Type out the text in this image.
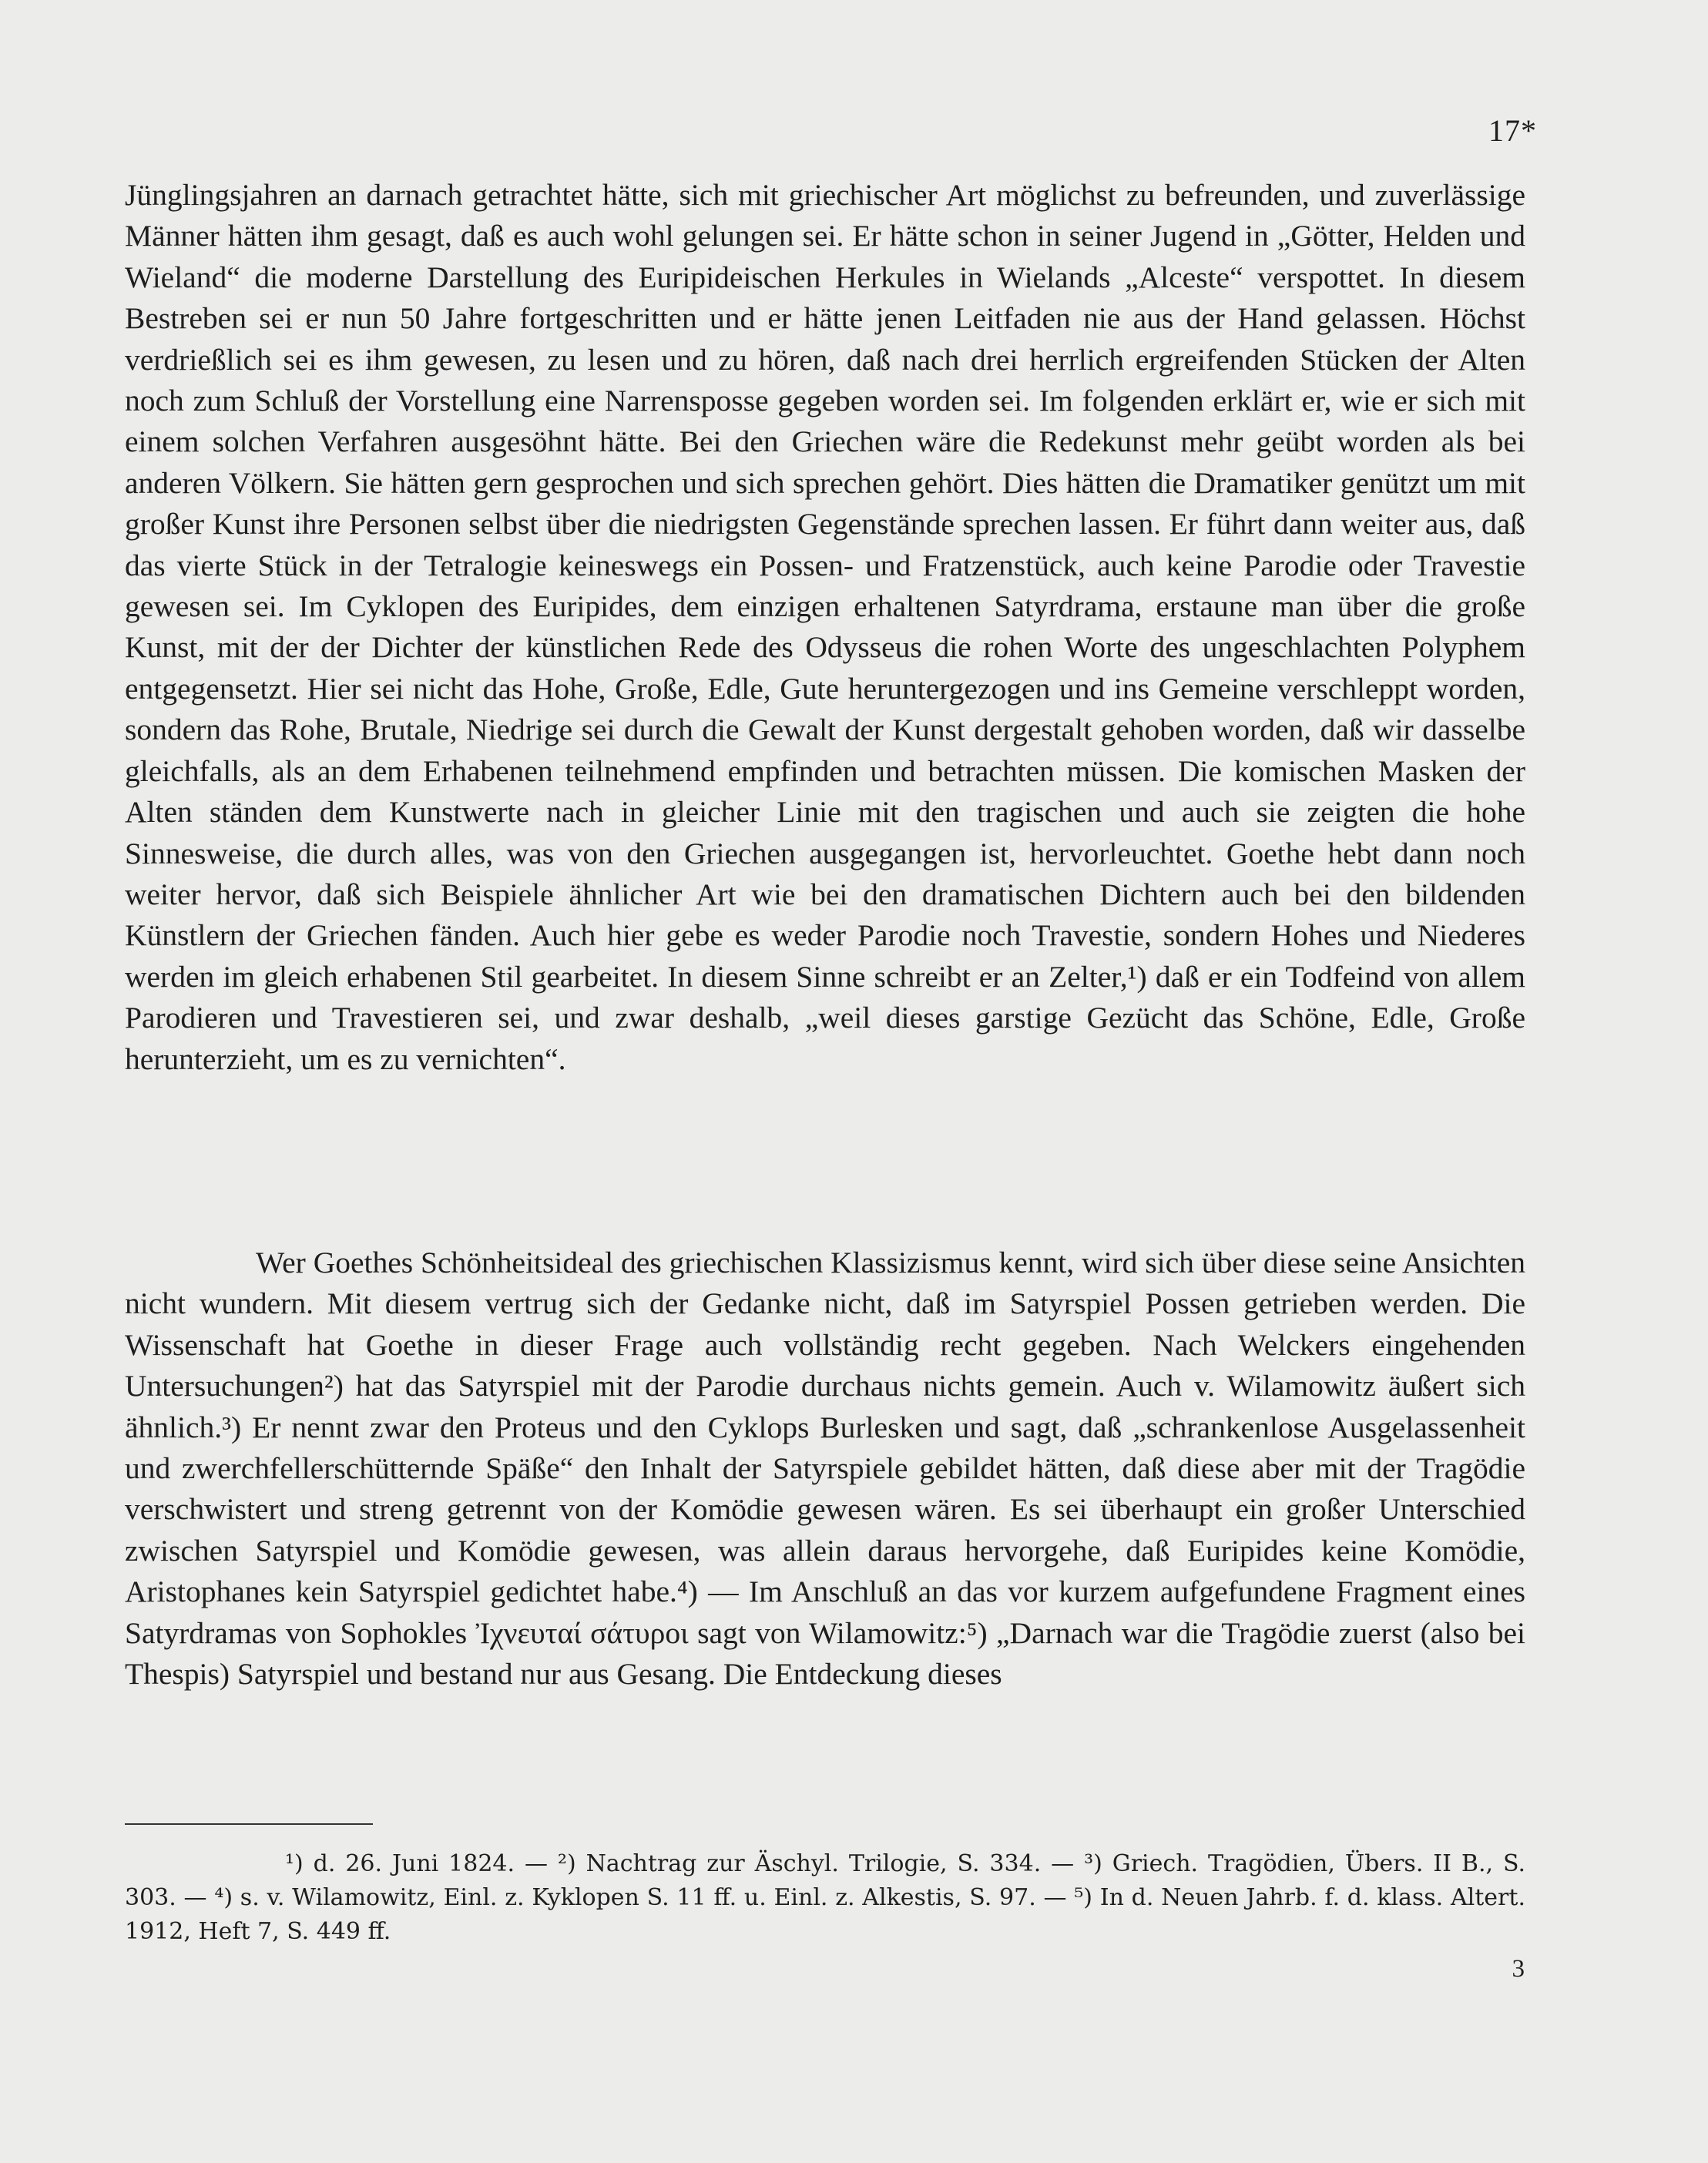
17*

Jünglingsjahren an darnach getrachtet hätte, sich mit griechischer Art möglichst zu befreunden, und zuverlässige Männer hätten ihm gesagt, daß es auch wohl gelungen sei. Er hätte schon in seiner Jugend in „Götter, Helden und Wieland“ die moderne Darstellung des Euripideischen Herkules in Wielands „Alceste“ verspottet. In diesem Bestreben sei er nun 50 Jahre fortgeschritten und er hätte jenen Leitfaden nie aus der Hand gelassen. Höchst verdrießlich sei es ihm gewesen, zu lesen und zu hören, daß nach drei herrlich ergreifenden Stücken der Alten noch zum Schluß der Vorstellung eine Narrensposse gegeben worden sei. Im folgenden erklärt er, wie er sich mit einem solchen Verfahren ausgesöhnt hätte. Bei den Griechen wäre die Redekunst mehr geübt worden als bei anderen Völkern. Sie hätten gern gesprochen und sich sprechen gehört. Dies hätten die Dramatiker genützt um mit großer Kunst ihre Personen selbst über die niedrigsten Gegenstände sprechen lassen. Er führt dann weiter aus, daß das vierte Stück in der Tetralogie keineswegs ein Possen- und Fratzenstück, auch keine Parodie oder Travestie gewesen sei. Im Cyklopen des Euripides, dem einzigen erhaltenen Satyrdrama, erstaune man über die große Kunst, mit der der Dichter der künstlichen Rede des Odysseus die rohen Worte des ungeschlachten Polyphem entgegensetzt. Hier sei nicht das Hohe, Große, Edle, Gute heruntergezogen und ins Gemeine verschleppt worden, sondern das Rohe, Brutale, Niedrige sei durch die Gewalt der Kunst dergestalt gehoben worden, daß wir dasselbe gleichfalls, als an dem Erhabenen teilnehmend empfinden und betrachten müssen. Die komischen Masken der Alten ständen dem Kunstwerte nach in gleicher Linie mit den tragischen und auch sie zeigten die hohe Sinnesweise, die durch alles, was von den Griechen ausgegangen ist, hervorleuchtet. Goethe hebt dann noch weiter hervor, daß sich Beispiele ähnlicher Art wie bei den dramatischen Dichtern auch bei den bildenden Künstlern der Griechen fänden. Auch hier gebe es weder Parodie noch Travestie, sondern Hohes und Niederes werden im gleich erhabenen Stil gearbeitet. In diesem Sinne schreibt er an Zelter,¹) daß er ein Todfeind von allem Parodieren und Travestieren sei, und zwar deshalb, „weil dieses garstige Gezücht das Schöne, Edle, Große herunterzieht, um es zu vernichten“.

Wer Goethes Schönheitsideal des griechischen Klassizismus kennt, wird sich über diese seine Ansichten nicht wundern. Mit diesem vertrug sich der Gedanke nicht, daß im Satyrspiel Possen getrieben werden. Die Wissenschaft hat Goethe in dieser Frage auch vollständig recht gegeben. Nach Welckers eingehenden Untersuchungen²) hat das Satyrspiel mit der Parodie durchaus nichts gemein. Auch v. Wilamowitz äußert sich ähnlich.³) Er nennt zwar den Proteus und den Cyklops Burlesken und sagt, daß „schrankenlose Ausgelassenheit und zwerchfellerschütternde Späße“ den Inhalt der Satyrspiele gebildet hätten, daß diese aber mit der Tragödie verschwistert und streng getrennt von der Komödie gewesen wären. Es sei überhaupt ein großer Unterschied zwischen Satyrspiel und Komödie gewesen, was allein daraus hervorgehe, daß Euripides keine Komödie, Aristophanes kein Satyrspiel gedichtet habe.⁴) — Im Anschluß an das vor kurzem aufgefundene Fragment eines Satyrdramas von Sophokles Ἰχνευταί σάτυροι sagt von Wilamowitz:⁵) „Darnach war die Tragödie zuerst (also bei Thespis) Satyrspiel und bestand nur aus Gesang. Die Entdeckung dieses

¹) d. 26. Juni 1824. — ²) Nachtrag zur Äschyl. Trilogie, S. 334. — ³) Griech. Tragödien, Übers. II B., S. 303. — ⁴) s. v. Wilamowitz, Einl. z. Kyklopen S. 11 ff. u. Einl. z. Alkestis, S. 97. — ⁵) In d. Neuen Jahrb. f. d. klass. Altert. 1912, Heft 7, S. 449 ff.

3
